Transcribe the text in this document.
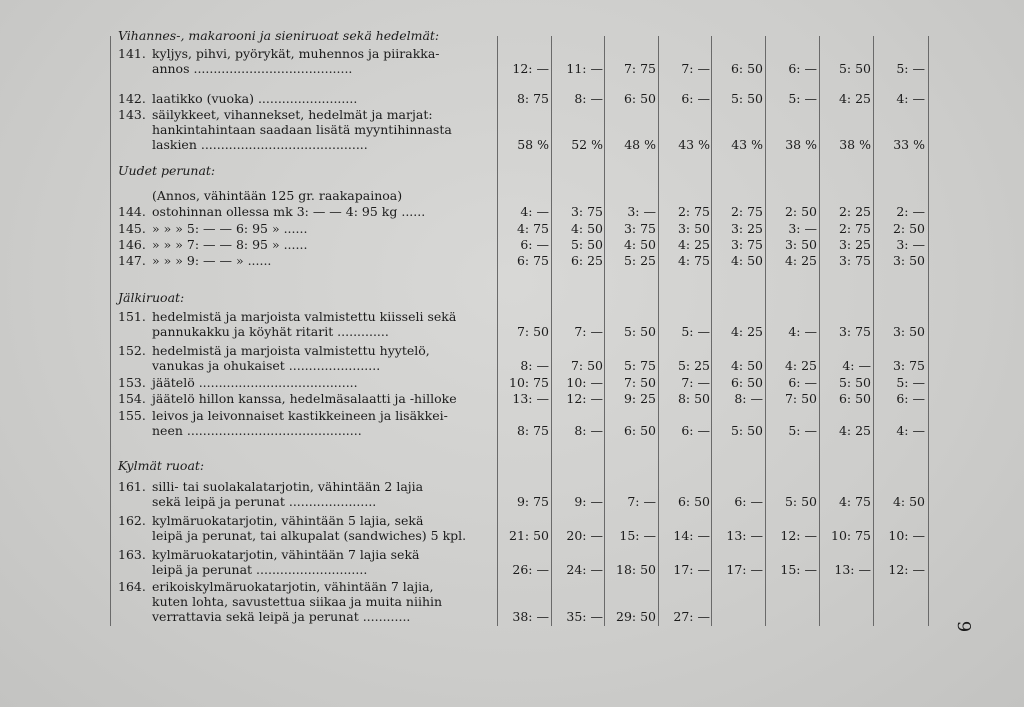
Vihannes-, makarooni ja sieniruoat sekä hedelmät:
Uudet perunat:
Jälkiruoat:
Kylmät ruoat:
141. kyljys, pihvi, pyörykät, muhennos ja piirakka-
annos ........................................	12: —	11: —	7: 75	7: —	6: 50	6: —	5: 50	5: —
142. laatikko (vuoka) .........................	8: 75	8: —	6: 50	6: —	5: 50	5: —	4: 25	4: —
143. säilykkeet, vihannekset, hedelmät ja marjat:
hankintahintaan saadaan lisätä myyntihinnasta
laskien ..........................................	58 %	52 %	48 %	43 %	43 %	38 %	38 %	33 %
(Annos, vähintään 125 gr. raakapainoa)
144. ostohinnan ollessa mk 3: — — 4: 95 kg ......	4: —	3: 75	3: —	2: 75	2: 75	2: 50	2: 25	2: —
145. » » » 5: — — 6: 95 » ......	4: 75	4: 50	3: 75	3: 50	3: 25	3: —	2: 75	2: 50
146. » » » 7: — — 8: 95 » ......	6: —	5: 50	4: 50	4: 25	3: 75	3: 50	3: 25	3: —
147. » » » 9: — — » ......	6: 75	6: 25	5: 25	4: 75	4: 50	4: 25	3: 75	3: 50
151. hedelmistä ja marjoista valmistettu kiisseli sekä
pannukakku ja köyhät ritarit .............	7: 50	7: —	5: 50	5: —	4: 25	4: —	3: 75	3: 50
152. hedelmistä ja marjoista valmistettu hyytelö,
vanukas ja ohukaiset .......................	8: —	7: 50	5: 75	5: 25	4: 50	4: 25	4: —	3: 75
153. jäätelö ........................................	10: 75	10: —	7: 50	7: —	6: 50	6: —	5: 50	5: —
154. jäätelö hillon kanssa, hedelmäsalaatti ja -hilloke	13: —	12: —	9: 25	8: 50	8: —	7: 50	6: 50	6: —
155. leivos ja leivonnaiset kastikkeineen ja lisäkkei-
neen ............................................	8: 75	8: —	6: 50	6: —	5: 50	5: —	4: 25	4: —
161. silli- tai suolakalatarjotin, vähintään 2 lajia
sekä leipä ja perunat ......................	9: 75	9: —	7: —	6: 50	6: —	5: 50	4: 75	4: 50
162. kylmäruokatarjotin, vähintään 5 lajia, sekä
leipä ja perunat, tai alkupalat (sandwiches) 5 kpl.	21: 50	20: —	15: —	14: —	13: —	12: —	10: 75	10: —
163. kylmäruokatarjotin, vähintään 7 lajia sekä
leipä ja perunat ............................	26: —	24: —	18: 50	17: —	17: —	15: —	13: —	12: —
164. erikoiskylmäruokatarjotin, vähintään 7 lajia,
kuten lohta, savustettua siikaa ja muita niihin
verrattavia sekä leipä ja perunat ............	38: —	35: —	29: 50	27: —
9
